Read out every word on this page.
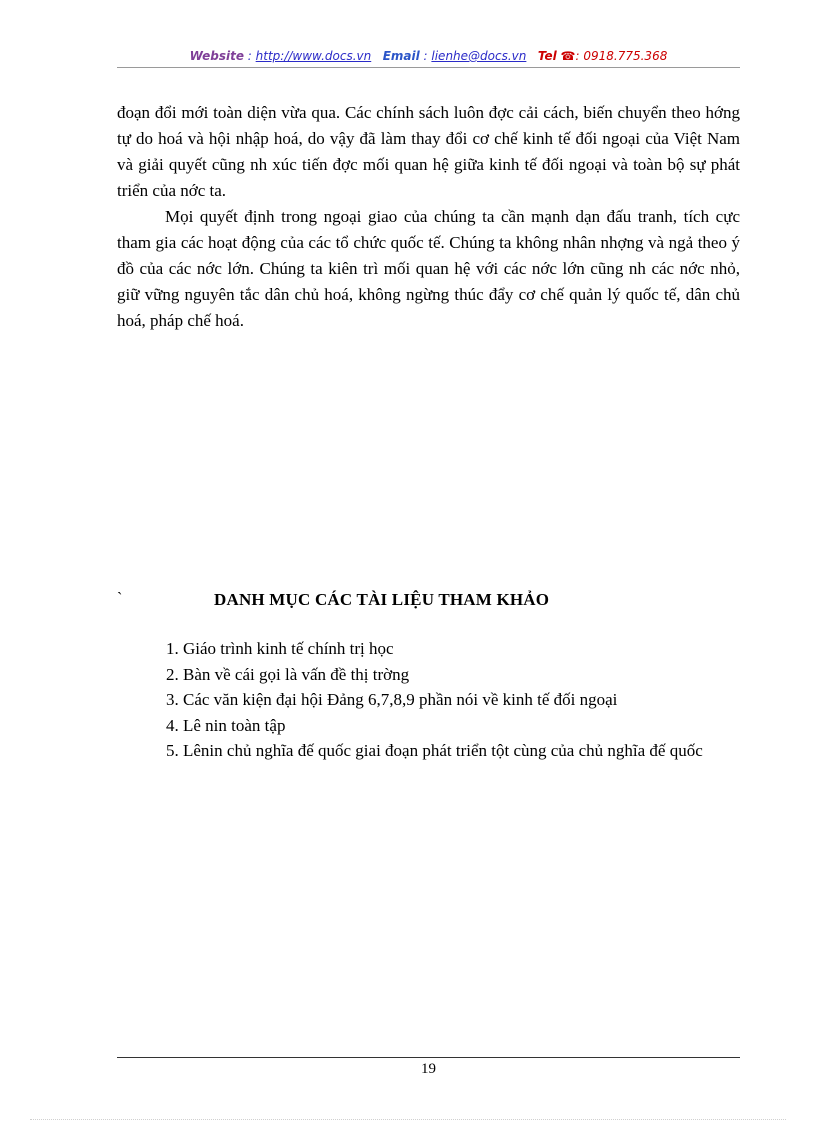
Website : http://www.docs.vn Email : lienhe@docs.vn Tel ☎: 0918.775.368

đoạn đổi mới toàn diện vừa qua. Các chính sách luôn đợc cải cách, biến chuyển theo hớng tự do hoá và hội nhập hoá, do vậy đã làm thay đổi cơ chế kinh tế đối ngoại của Việt Nam và giải quyết cũng nh xúc tiến đợc mối quan hệ giữa kinh tế đối ngoại và toàn bộ sự phát triển của nớc ta.

Mọi quyết định trong ngoại giao của chúng ta cần mạnh dạn đấu tranh, tích cực tham gia các hoạt động của các tổ chức quốc tế. Chúng ta không nhân nhợng và ngả theo ý đồ của các nớc lớn. Chúng ta kiên trì mối quan hệ với các nớc lớn cũng nh các nớc nhỏ, giữ vững nguyên tắc dân chủ hoá, không ngừng thúc đẩy cơ chế quản lý quốc tế, dân chủ hoá, pháp chế hoá.

`	DANH MỤC CÁC TÀI LIỆU THAM KHẢO

1. Giáo trình kinh tế chính trị học

2. Bàn về cái gọi là vấn đề thị trờng

3. Các văn kiện đại hội Đảng 6,7,8,9 phần nói về kinh tế đối ngoại

4. Lê nin toàn tập

5. Lênin chủ nghĩa đế quốc giai đoạn phát triển tột cùng của chủ nghĩa đế quốc

19
